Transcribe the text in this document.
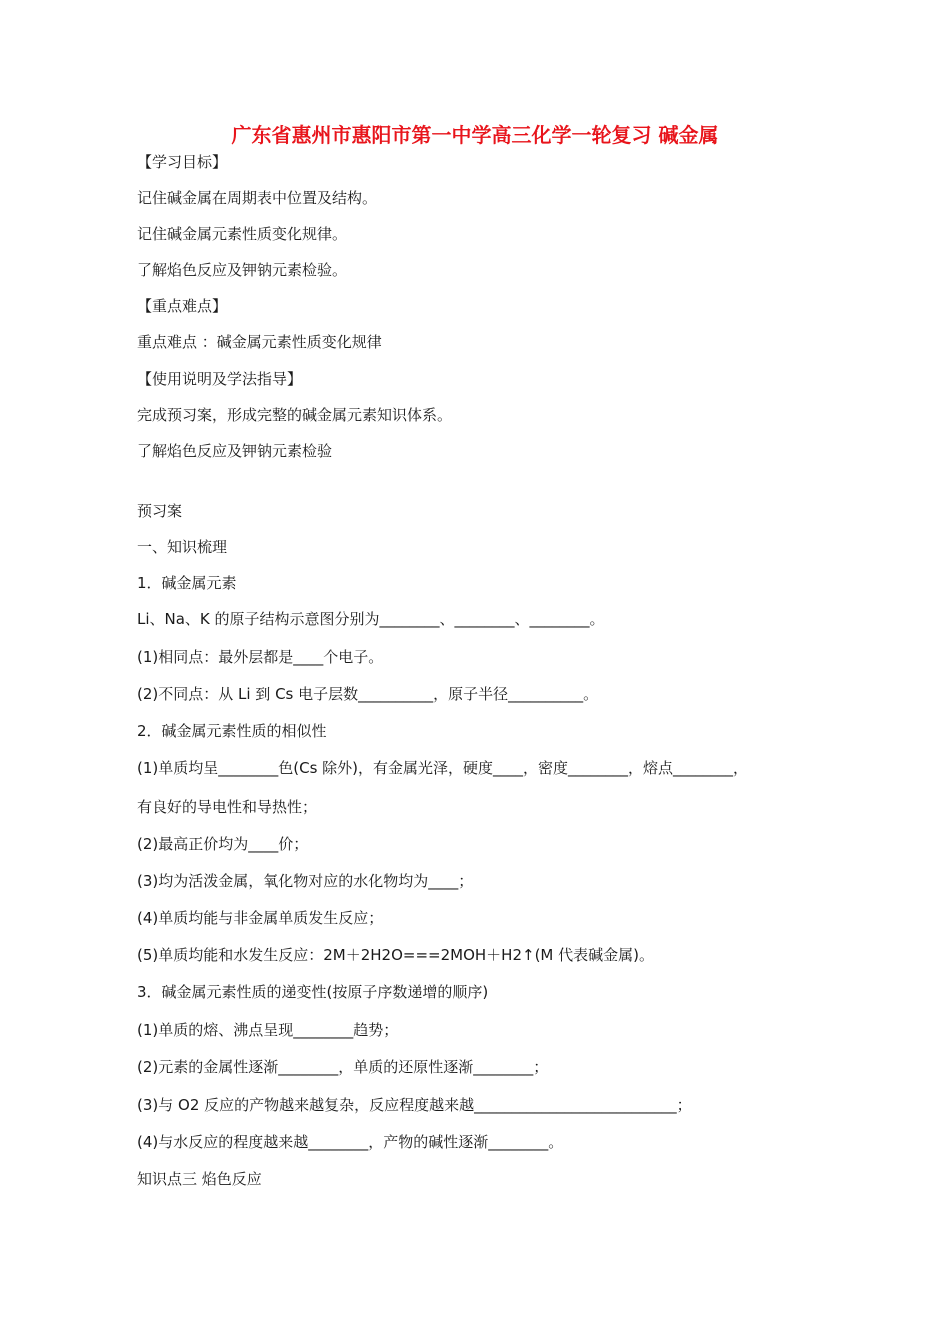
广东省惠州市惠阳市第一中学高三化学一轮复习 碱金属
【学习目标】
记住碱金属在周期表中位置及结构。
记住碱金属元素性质变化规律。
了解焰色反应及钾钠元素检验。
【重点难点】
重点难点 ：碱金属元素性质变化规律
【使用说明及学法指导】
完成预习案，形成完整的碱金属元素知识体系。
了解焰色反应及钾钠元素检验
预习案
一、知识梳理
1．碱金属元素
Li、Na、K 的原子结构示意图分别为________、________、________。
(1)相同点：最外层都是____个电子。
(2)不同点：从 Li 到 Cs 电子层数__________，原子半径__________。
2．碱金属元素性质的相似性
(1)单质均呈________色(Cs 除外)，有金属光泽，硬度____，密度________，熔点________，
有良好的导电性和导热性；
(2)最高正价均为____价；
(3)均为活泼金属，氧化物对应的水化物均为____；
(4)单质均能与非金属单质发生反应；
(5)单质均能和水发生反应：2M＋2H2O===2MOH＋H2↑(M 代表碱金属)。
3．碱金属元素性质的递变性(按原子序数递增的顺序)
(1)单质的熔、沸点呈现________趋势；
(2)元素的金属性逐渐________，单质的还原性逐渐________；
(3)与 O2 反应的产物越来越复杂，反应程度越来越___________________________；
(4)与水反应的程度越来越________，产物的碱性逐渐________。
知识点三 焰色反应
